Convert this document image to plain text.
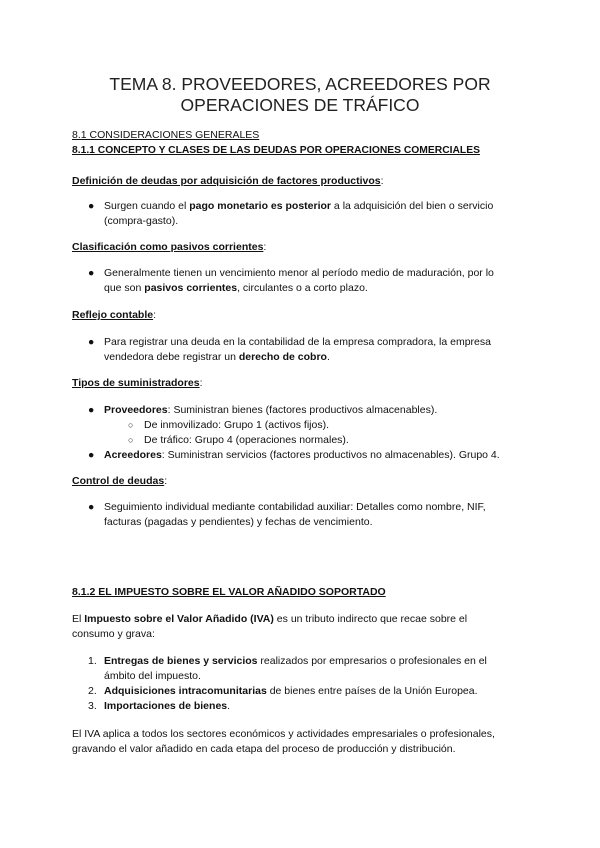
TEMA 8. PROVEEDORES, ACREEDORES POR
OPERACIONES DE TRÁFICO

8.1 CONSIDERACIONES GENERALES

8.1.1 CONCEPTO Y CLASES DE LAS DEUDAS POR OPERACIONES COMERCIALES

Definición de deudas por adquisición de factores productivos:

● Surgen cuando el pago monetario es posterior a la adquisición del bien o servicio
(compra-gasto).

Clasificación como pasivos corrientes:

● Generalmente tienen un vencimiento menor al período medio de maduración, por lo
que son pasivos corrientes, circulantes o a corto plazo.

Reflejo contable:

● Para registrar una deuda en la contabilidad de la empresa compradora, la empresa
vendedora debe registrar un derecho de cobro.

Tipos de suministradores:

● Proveedores: Suministran bienes (factores productivos almacenables).
○	De inmovilizado: Grupo 1 (activos fijos).
○	De tráfico: Grupo 4 (operaciones normales).
● Acreedores: Suministran servicios (factores productivos no almacenables). Grupo 4.

Control de deudas:

● Seguimiento individual mediante contabilidad auxiliar: Detalles como nombre, NIF,
facturas (pagadas y pendientes) y fechas de vencimiento.

8.1.2 EL IMPUESTO SOBRE EL VALOR AÑADIDO SOPORTADO

El Impuesto sobre el Valor Añadido (IVA) es un tributo indirecto que recae sobre el
consumo y grava:

1. Entregas de bienes y servicios realizados por empresarios o profesionales en el
ámbito del impuesto.
2. Adquisiciones intracomunitarias de bienes entre países de la Unión Europea.
3. Importaciones de bienes.

El IVA aplica a todos los sectores económicos y actividades empresariales o profesionales,
gravando el valor añadido en cada etapa del proceso de producción y distribución.
